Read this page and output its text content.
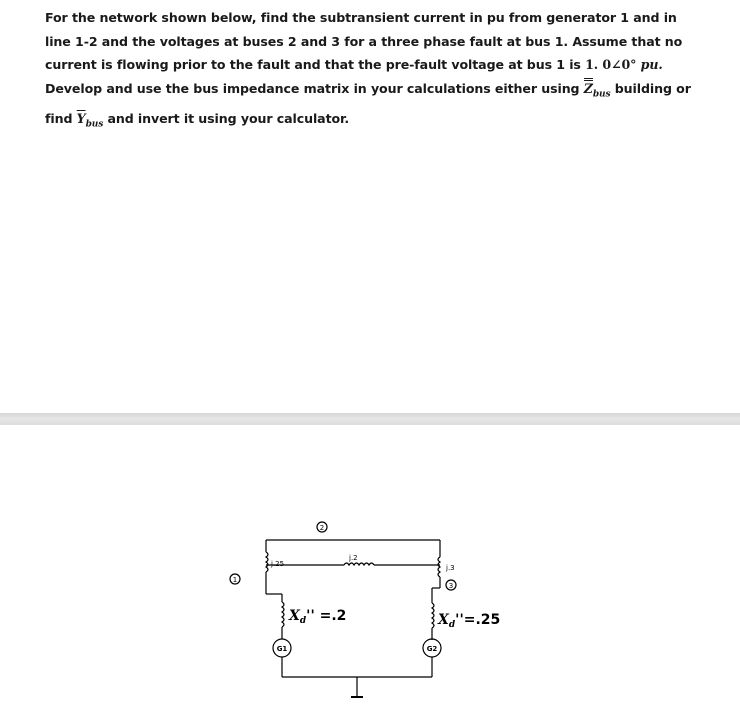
For the network shown below, find the subtransient current in pu from generator 1 and in
line 1-2 and the voltages at buses 2 and 3 for a three phase fault at bus 1. Assume that no
current is flowing prior to the fault and that the pre-fault voltage at bus 1 is 1. 0∠0° pu.
Develop and use the bus impedance matrix in your calculations either using $Z_{bus}$ building or
find $\overline{Y}_{bus}$ and invert it using your calculator.
1
2
3
j.25
j.2
j.3
G1	G2
$X_d'' =.2$	$X_d''=.25$
